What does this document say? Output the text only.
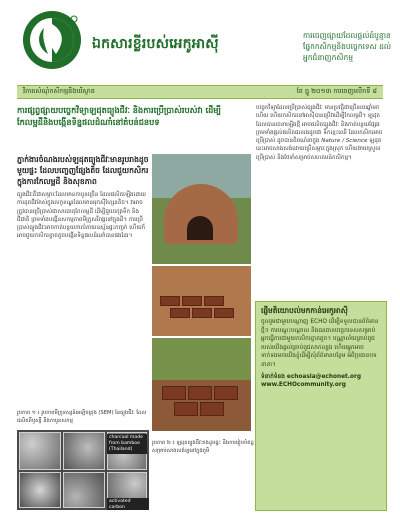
ឯកសារខ្លីរបស់អេកូអាស៊ី
ការចេញផ្សាយដែលផ្ដល់ដំបូន្មានផ្នែកកសិកម្មនិងបច្ចេកទេស ដល់អ្នកជំនាញកសិកម្ម
វិភាគសំណុំកសិកម្មនិងបរិស្ថាន	ខែ ធ្នូ ២០១៣ ការចេញលើកទី ៨
ការផ្សព្វផ្សាយបច្ចេកវិទ្យាឡដុតធ្យូងជីវៈ និងការប្រើប្រាស់របស់វា ដើម្បីកែលម្អដីនិងបង្កើនទិន្នផលដំណាំនៅតំបន់ជនបទ
ភ្នាក់ងារចំណងរបស់ឡដុតធ្យូងជីវៈមានរូបរាងដូចមួយផ្ទះ ដែលបញ្ចេញផ្សែងតិច ដែលជួយកសិករក្នុងការកែលម្អដី និងសុខភាព
ធ្យូងជីវៈគឺជាសម្ភារៈដែលមានកាបូនច្រើន ដែលផលិតឡើងដោយការដុតជីវម៉ាស់ក្នុងលក្ខខណ្ឌដែលមានអុកស៊ីហ្សែនតិច។ វាអាចត្រូវបានប្រើប្រាស់ជាសារធាតុកែលម្អដី ដើម្បីជួយរក្សាទឹក និងជីជាតិ ព្រមទាំងបង្កើនសកម្មភាពមីក្រូសរីរាង្គនៅក្នុងដី។ ការប្រើប្រាស់ធ្យូងជីវៈអាចកាត់បន្ថយការបំភាយឧស្ម័នផ្ទះកញ្ចក់ ហើយក៏អាចជួយកសិករខ្នាតតូចបង្កើនទិន្នផលដំណាំបានផងដែរ។
រូបភាព ១ ៖ រូបភាពមីក្រូទស្សន៍អេឡិចត្រុង (SEM) នៃធ្យូងជីវៈ ដែលផលិតពីឫស្សី និងកាបូនសកម្ម
charcoal made from bamboo (Thailand)
activated carbon
រូបភាព ២ ៖ ឡដុតធ្យូងជីវៈរាងដូចផ្ទះ និងការរៀបចំឥដ្ឋ សម្រាប់សាងសង់ឡនៅក្នុងភូមិ
បច្ចេកវិទ្យាដែលប្រើប្រាស់ធ្យូងជីវៈ មានប្រវត្តិជាច្រើនរយឆ្នាំមកហើយ ហើយកសិករនៅអាស៊ីបានប្រើវាដើម្បីកែលម្អដី។ ឡដុតដែលបានរចនាឡើងថ្មី អាចផលិតធ្យូងជីវៈ និងកាត់បន្ថយផ្សែង ព្រមទាំងផ្តល់ផលិតផលរងដូចជា ទឹកខ្មេះឈើ ដែលកសិករអាចប្រើប្រាស់ ដូចបានពិពណ៌នាក្នុង Nature / Science ឡដុតនេះអាចសាងសង់ដោយប្រើសម្ភារៈក្នុងស្រុក ហើយងាយស្រួលប្រើប្រាស់ និងថែទាំសម្រាប់សហគមន៍កសិកម្ម។
ផ្ញើមតិយោបល់មកកាន់អេកូអាស៊ី
ចូលរួមជាមួយបណ្ដាញ ECHO ដើម្បីទទួលបានព័ត៌មានថ្មីៗ ការបណ្ដុះបណ្ដាល និងធនធានបច្ចេកទេសសម្រាប់អ្នកធ្វើការជាមួយកសិករខ្នាតតូច។ បណ្ណាល័យគ្រាប់ពូជរបស់យើងផ្តល់គ្រាប់ពូជសាកល្បង ហើយអ្នកអាចទាក់ទងមកយើងខ្ញុំដើម្បីសុំព័ត៌មានបន្ថែម អំពីប្រធានបទនានា។
ទំនាក់ទំនង echoasia@echonet.org
www.ECHOcommunity.org
